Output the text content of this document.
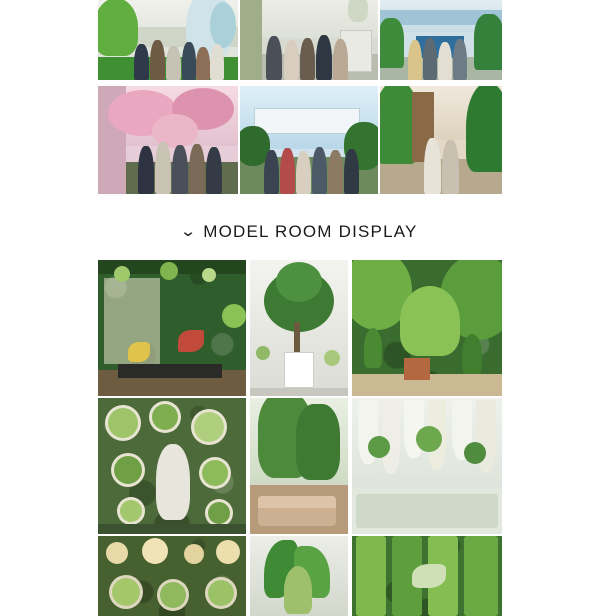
⌄ MODEL ROOM DISPLAY
